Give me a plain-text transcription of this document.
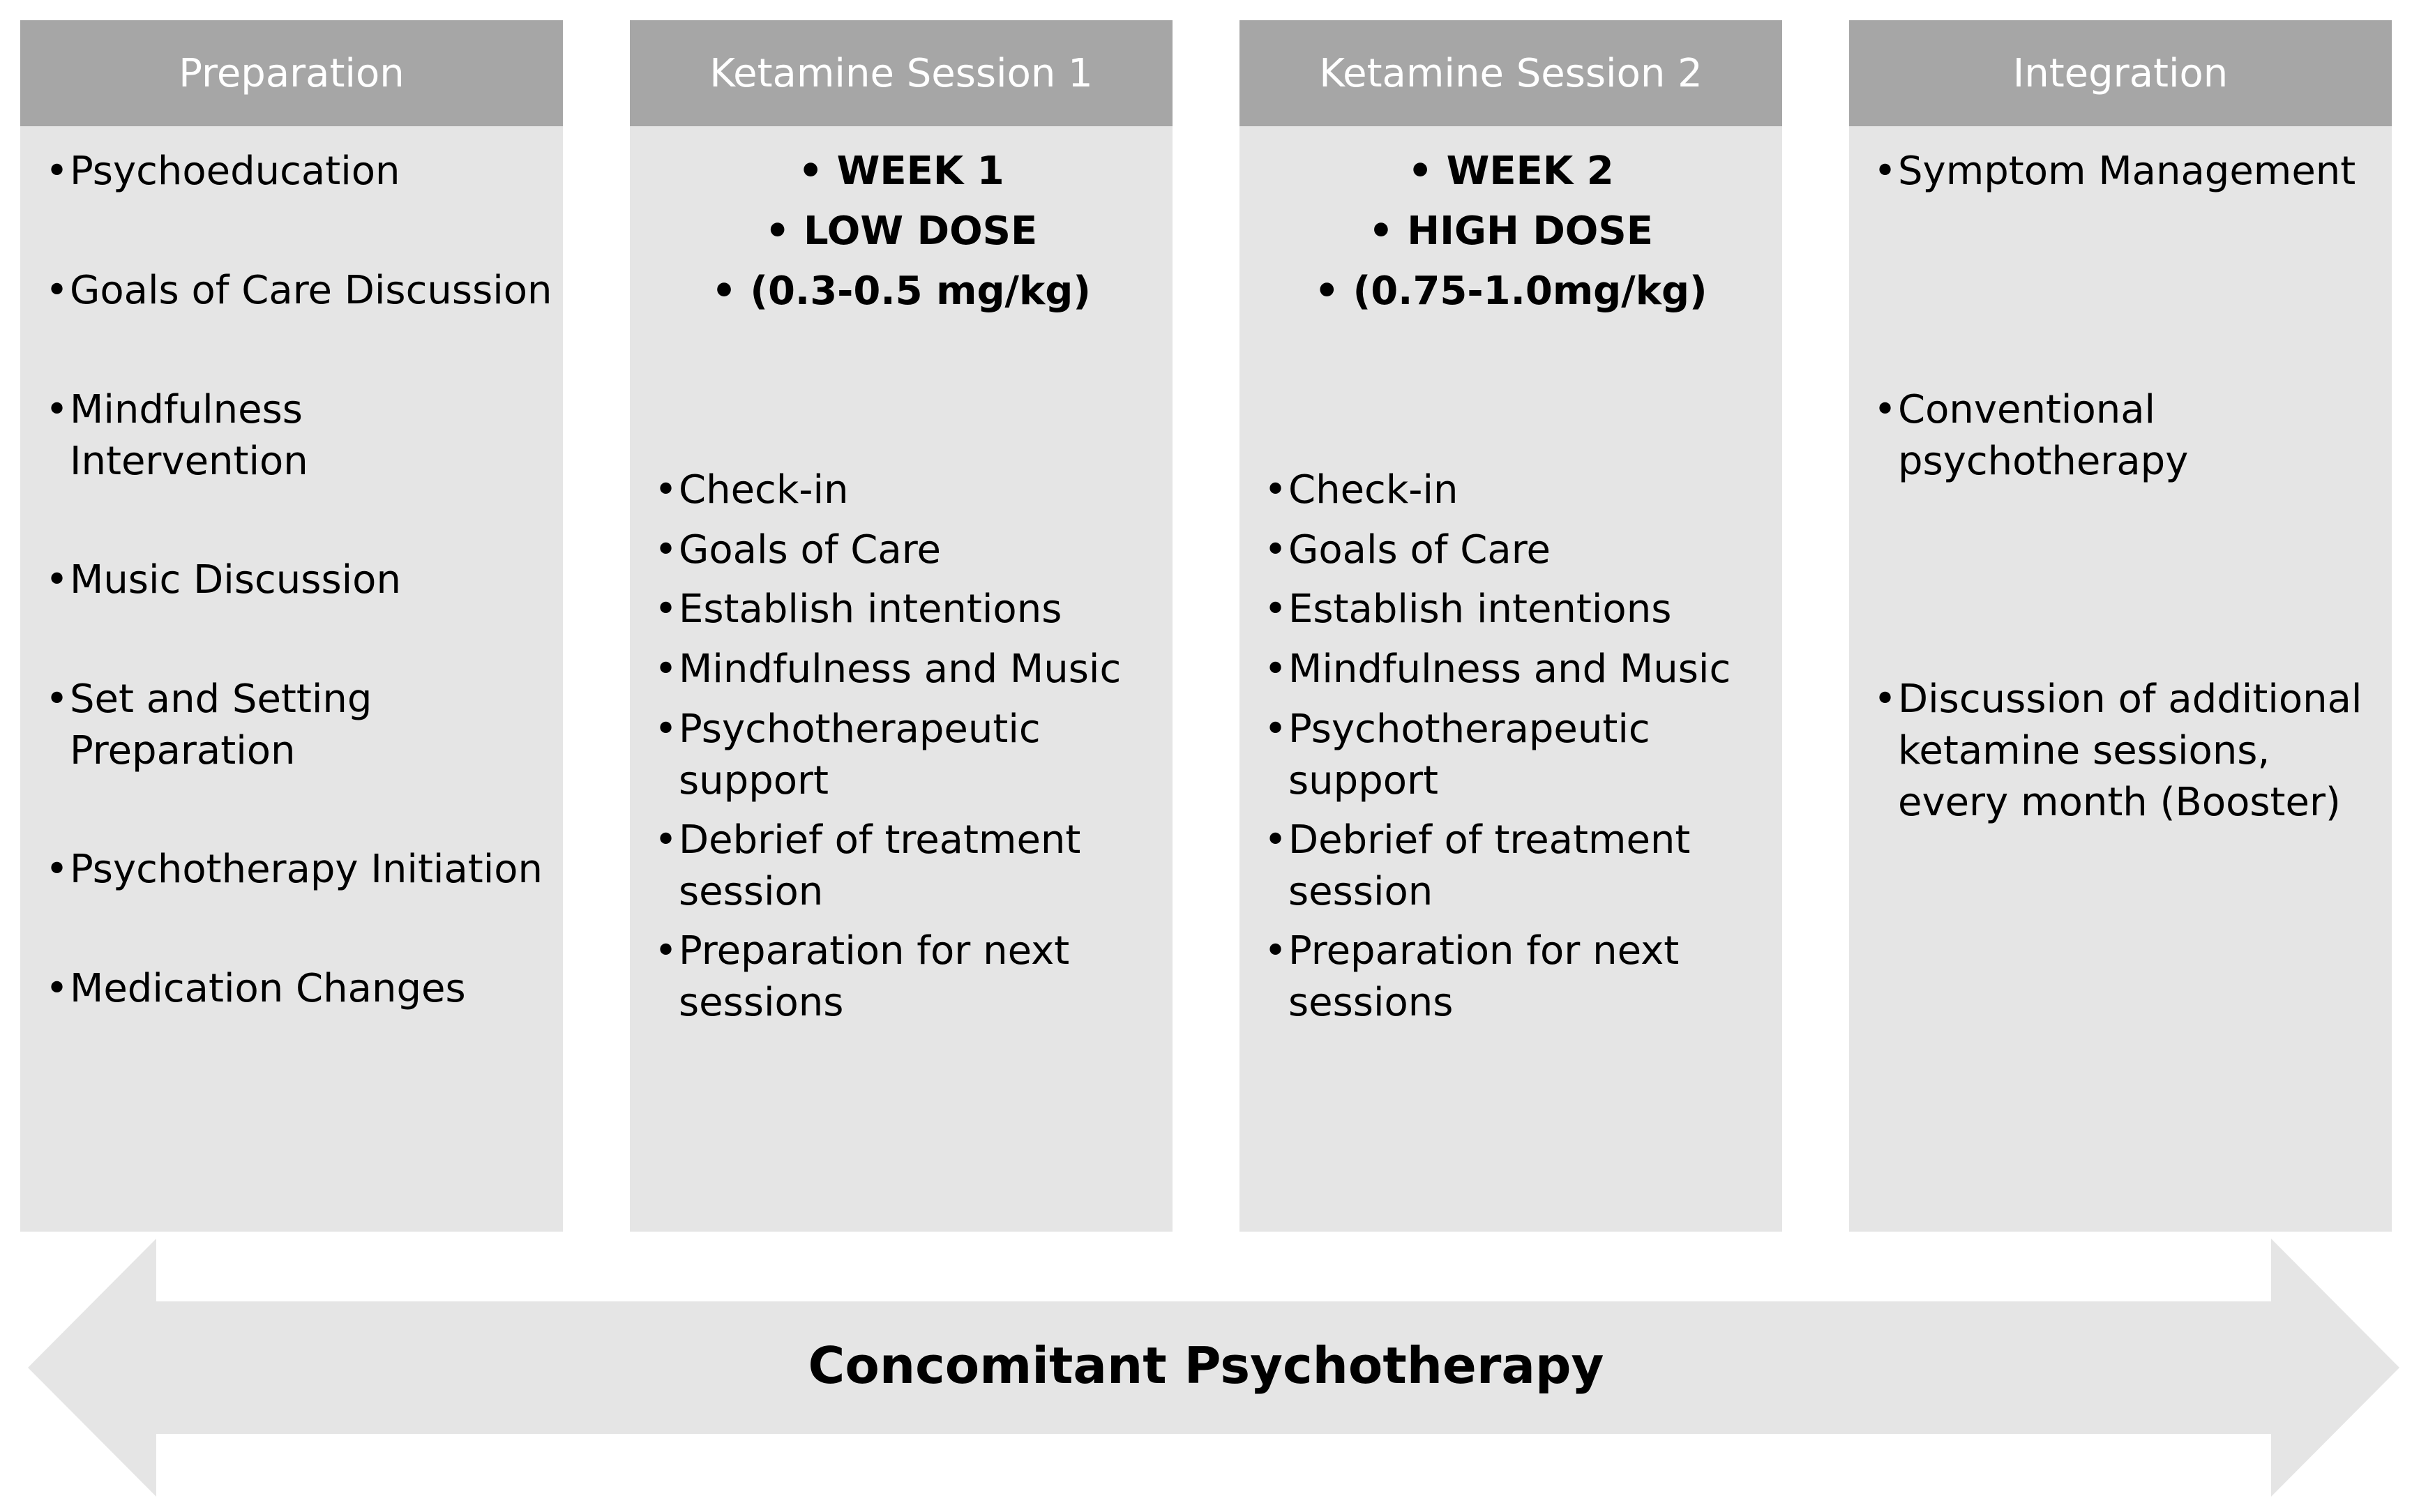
Preparation
• Psychoeducation
• Goals of Care Discussion
• Mindfulness
Intervention
• Music Discussion
• Set and Setting
Preparation
• Psychotherapy Initiation
• Medication Changes
Ketamine Session 1
• WEEK 1
• LOW DOSE
• (0.3-0.5 mg/kg)
• Check-in
• Goals of Care
• Establish intentions
• Mindfulness and Music
• Psychotherapeutic
support
• Debrief of treatment
session
• Preparation for next
sessions
Ketamine Session 2
• WEEK 2
• HIGH DOSE
• (0.75-1.0mg/kg)
• Check-in
• Goals of Care
• Establish intentions
• Mindfulness and Music
• Psychotherapeutic
support
• Debrief of treatment
session
• Preparation for next
sessions
Integration
• Symptom Management
• Conventional
psychotherapy
• Discussion of additional
ketamine sessions,
every month (Booster)
Concomitant Psychotherapy
